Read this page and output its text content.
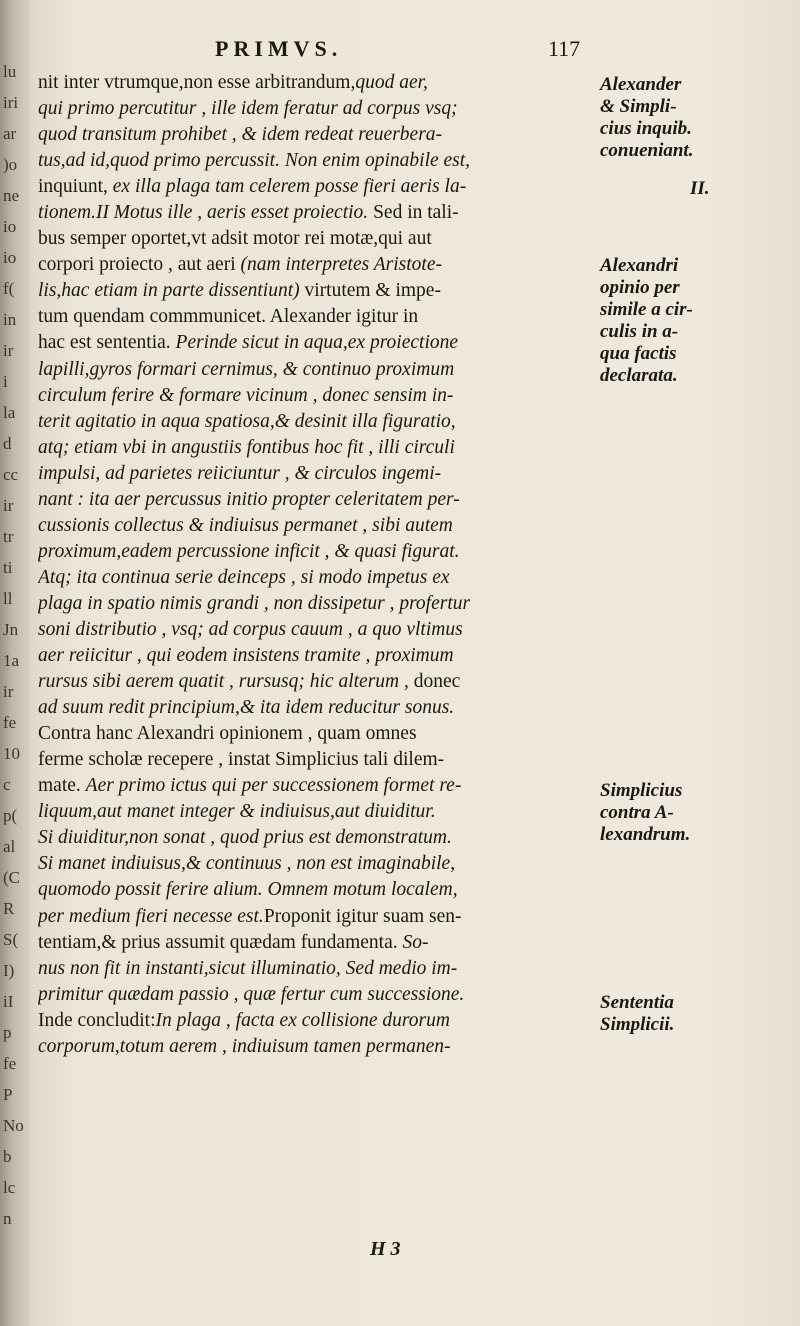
lu
iri
ar
)o
ne
io
io
f(
in
ir
i
la
d
cc
ir
tr
ti
ll
Jn
1a
ir
fe
10
c
p(
al
(C
R
S(
I)
iI
p
fe
P
No
b
lc
n
PRIMVS.	117
nit inter vtrumque,non esse arbitrandum,quod aer,
qui primo percutitur , ille idem feratur ad corpus vsq;
quod transitum prohibet , & idem redeat reuerbera-
tus,ad id,quod primo percussit. Non enim opinabile est,
inquiunt, ex illa plaga tam celerem posse fieri aeris la-
tionem.II Motus ille , aeris esset proiectio. Sed in tali-
bus semper oportet,vt adsit motor rei motæ,qui aut
corpori proiecto , aut aeri (nam interpretes Aristote-
lis,hac etiam in parte dissentiunt) virtutem & impe-
tum quendam commmunicet. Alexander igitur in
hac est sententia. Perinde sicut in aqua,ex proiectione
lapilli,gyros formari cernimus, & continuo proximum
circulum ferire & formare vicinum , donec sensim in-
terit agitatio in aqua spatiosa,& desinit illa figuratio,
atq; etiam vbi in angustiis fontibus hoc fit , illi circuli
impulsi, ad parietes reiiciuntur , & circulos ingemi-
nant : ita aer percussus initio propter celeritatem per-
cussionis collectus & indiuisus permanet , sibi autem
proximum,eadem percussione inficit , & quasi figurat.
Atq; ita continua serie deinceps , si modo impetus ex
plaga in spatio nimis grandi , non dissipetur , profertur
soni distributio , vsq; ad corpus cauum , a quo vltimus
aer reiicitur , qui eodem insistens tramite , proximum
rursus sibi aerem quatit , rursusq; hic alterum , donec
ad suum redit principium,& ita idem reducitur sonus.
Contra hanc Alexandri opinionem , quam omnes
ferme scholæ recepere , instat Simplicius tali dilem-
mate. Aer primo ictus qui per successionem formet re-
liquum,aut manet integer & indiuisus,aut diuiditur.
Si diuiditur,non sonat , quod prius est demonstratum.
Si manet indiuisus,& continuus , non est imaginabile,
quomodo possit ferire alium. Omnem motum localem,
per medium fieri necesse est.Proponit igitur suam sen-
tentiam,& prius assumit quædam fundamenta. So-
nus non fit in instanti,sicut illuminatio, Sed medio im-
primitur quædam passio , quæ fertur cum successione.
Inde concludit:In plaga , facta ex collisione durorum
corporum,totum aerem , indiuisum tamen permanen-
Alexander
& Simpli-
cius inquib.
conueniant.
II.
Alexandri
opinio per
simile a cir-
culis in a-
qua factis
declarata.
Simplicius
contra A-
lexandrum.
Sententia
Simplicii.
H 3
